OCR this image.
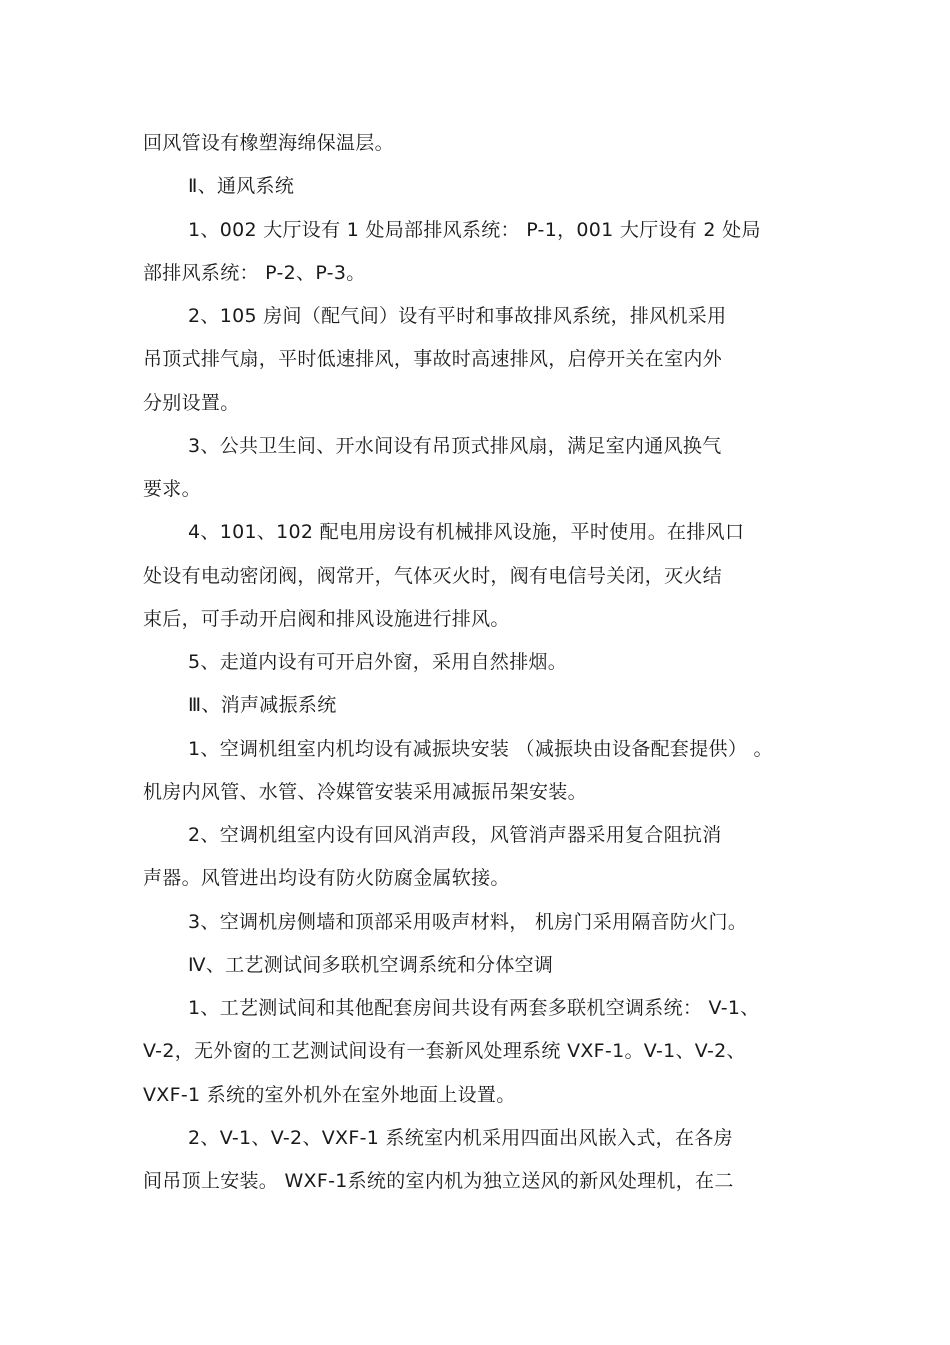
回风管设有橡塑海绵保温层。
Ⅱ、通风系统
1、002 大厅设有 1 处局部排风系统： P-1，001 大厅设有 2 处局
部排风系统： P-2、P-3。
2、105 房间（配气间）设有平时和事故排风系统，排风机采用
吊顶式排气扇，平时低速排风，事故时高速排风，启停开关在室内外
分别设置。
3、公共卫生间、开水间设有吊顶式排风扇，满足室内通风换气
要求。
4、101、102 配电用房设有机械排风设施，平时使用。在排风口
处设有电动密闭阀，阀常开，气体灭火时，阀有电信号关闭，灭火结
束后，可手动开启阀和排风设施进行排风。
5、走道内设有可开启外窗，采用自然排烟。
Ⅲ、消声减振系统
1、空调机组室内机均设有减振块安装 （减振块由设备配套提供） 。
机房内风管、水管、冷媒管安装采用减振吊架安装。
2、空调机组室内设有回风消声段，风管消声器采用复合阻抗消
声器。风管进出均设有防火防腐金属软接。
3、空调机房侧墙和顶部采用吸声材料， 机房门采用隔音防火门。
Ⅳ、工艺测试间多联机空调系统和分体空调
1、工艺测试间和其他配套房间共设有两套多联机空调系统： V-1、
V-2，无外窗的工艺测试间设有一套新风处理系统 VXF-1。V-1、V-2、
VXF-1 系统的室外机外在室外地面上设置。
2、V-1、V-2、VXF-1 系统室内机采用四面出风嵌入式，在各房
间吊顶上安装。 WXF-1系统的室内机为独立送风的新风处理机，在二
